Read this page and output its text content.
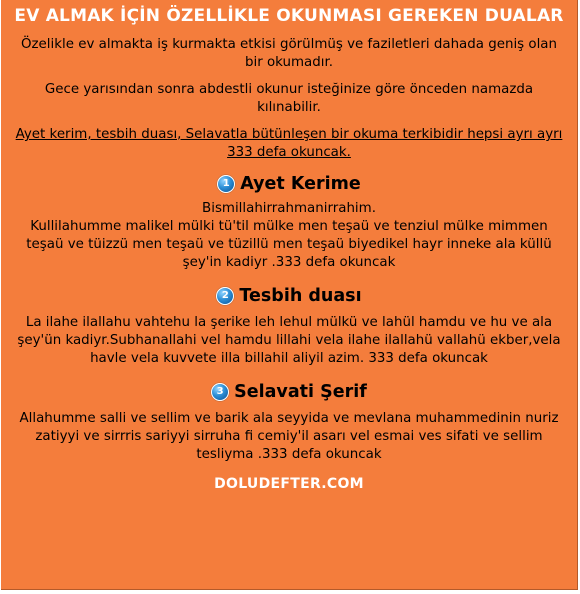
EV ALMAK İÇİN ÖZELLİKLE OKUNMASI GEREKEN DUALAR

Özelikle ev almakta iş kurmakta etkisi görülmüş ve faziletleri dahada geniş olan bir okumadır.

Gece yarısından sonra abdestli okunur isteğinize göre önceden namazda kılınabilir.

Ayet kerim, tesbih duası, Selavatla bütünleşen bir okuma terkibidir hepsi ayrı ayrı 333 defa okuncak.

1 Ayet Kerime

Bismillahirrahmanirrahim.

Kullilahumme malikel mülki tü'til mülke men teşaü ve tenziul mülke mimmen teşaü ve tüizzü men teşaü ve tüzillü men teşaü biyedikel hayr inneke ala küllü şey'in kadiyr .333 defa okuncak

2 Tesbih duası

La ilahe ilallahu vahtehu la şerike leh lehul mülkü ve lahül hamdu ve hu ve ala şey'ün kadiyr.Subhanallahi vel hamdu lillahi vela ilahe ilallahü vallahü ekber,vela havle vela kuvvete illa billahil aliyil azim. 333 defa okuncak

3 Selavati Şerif

Allahumme salli ve sellim ve barik ala seyyida ve mevlana muhammedinin nuriz zatiyyi ve sirrris sariyyi sirruha fi cemiy'il asarı vel esmai ves sifati ve sellim tesliyma .333 defa okuncak

DOLUDEFTER.COM
